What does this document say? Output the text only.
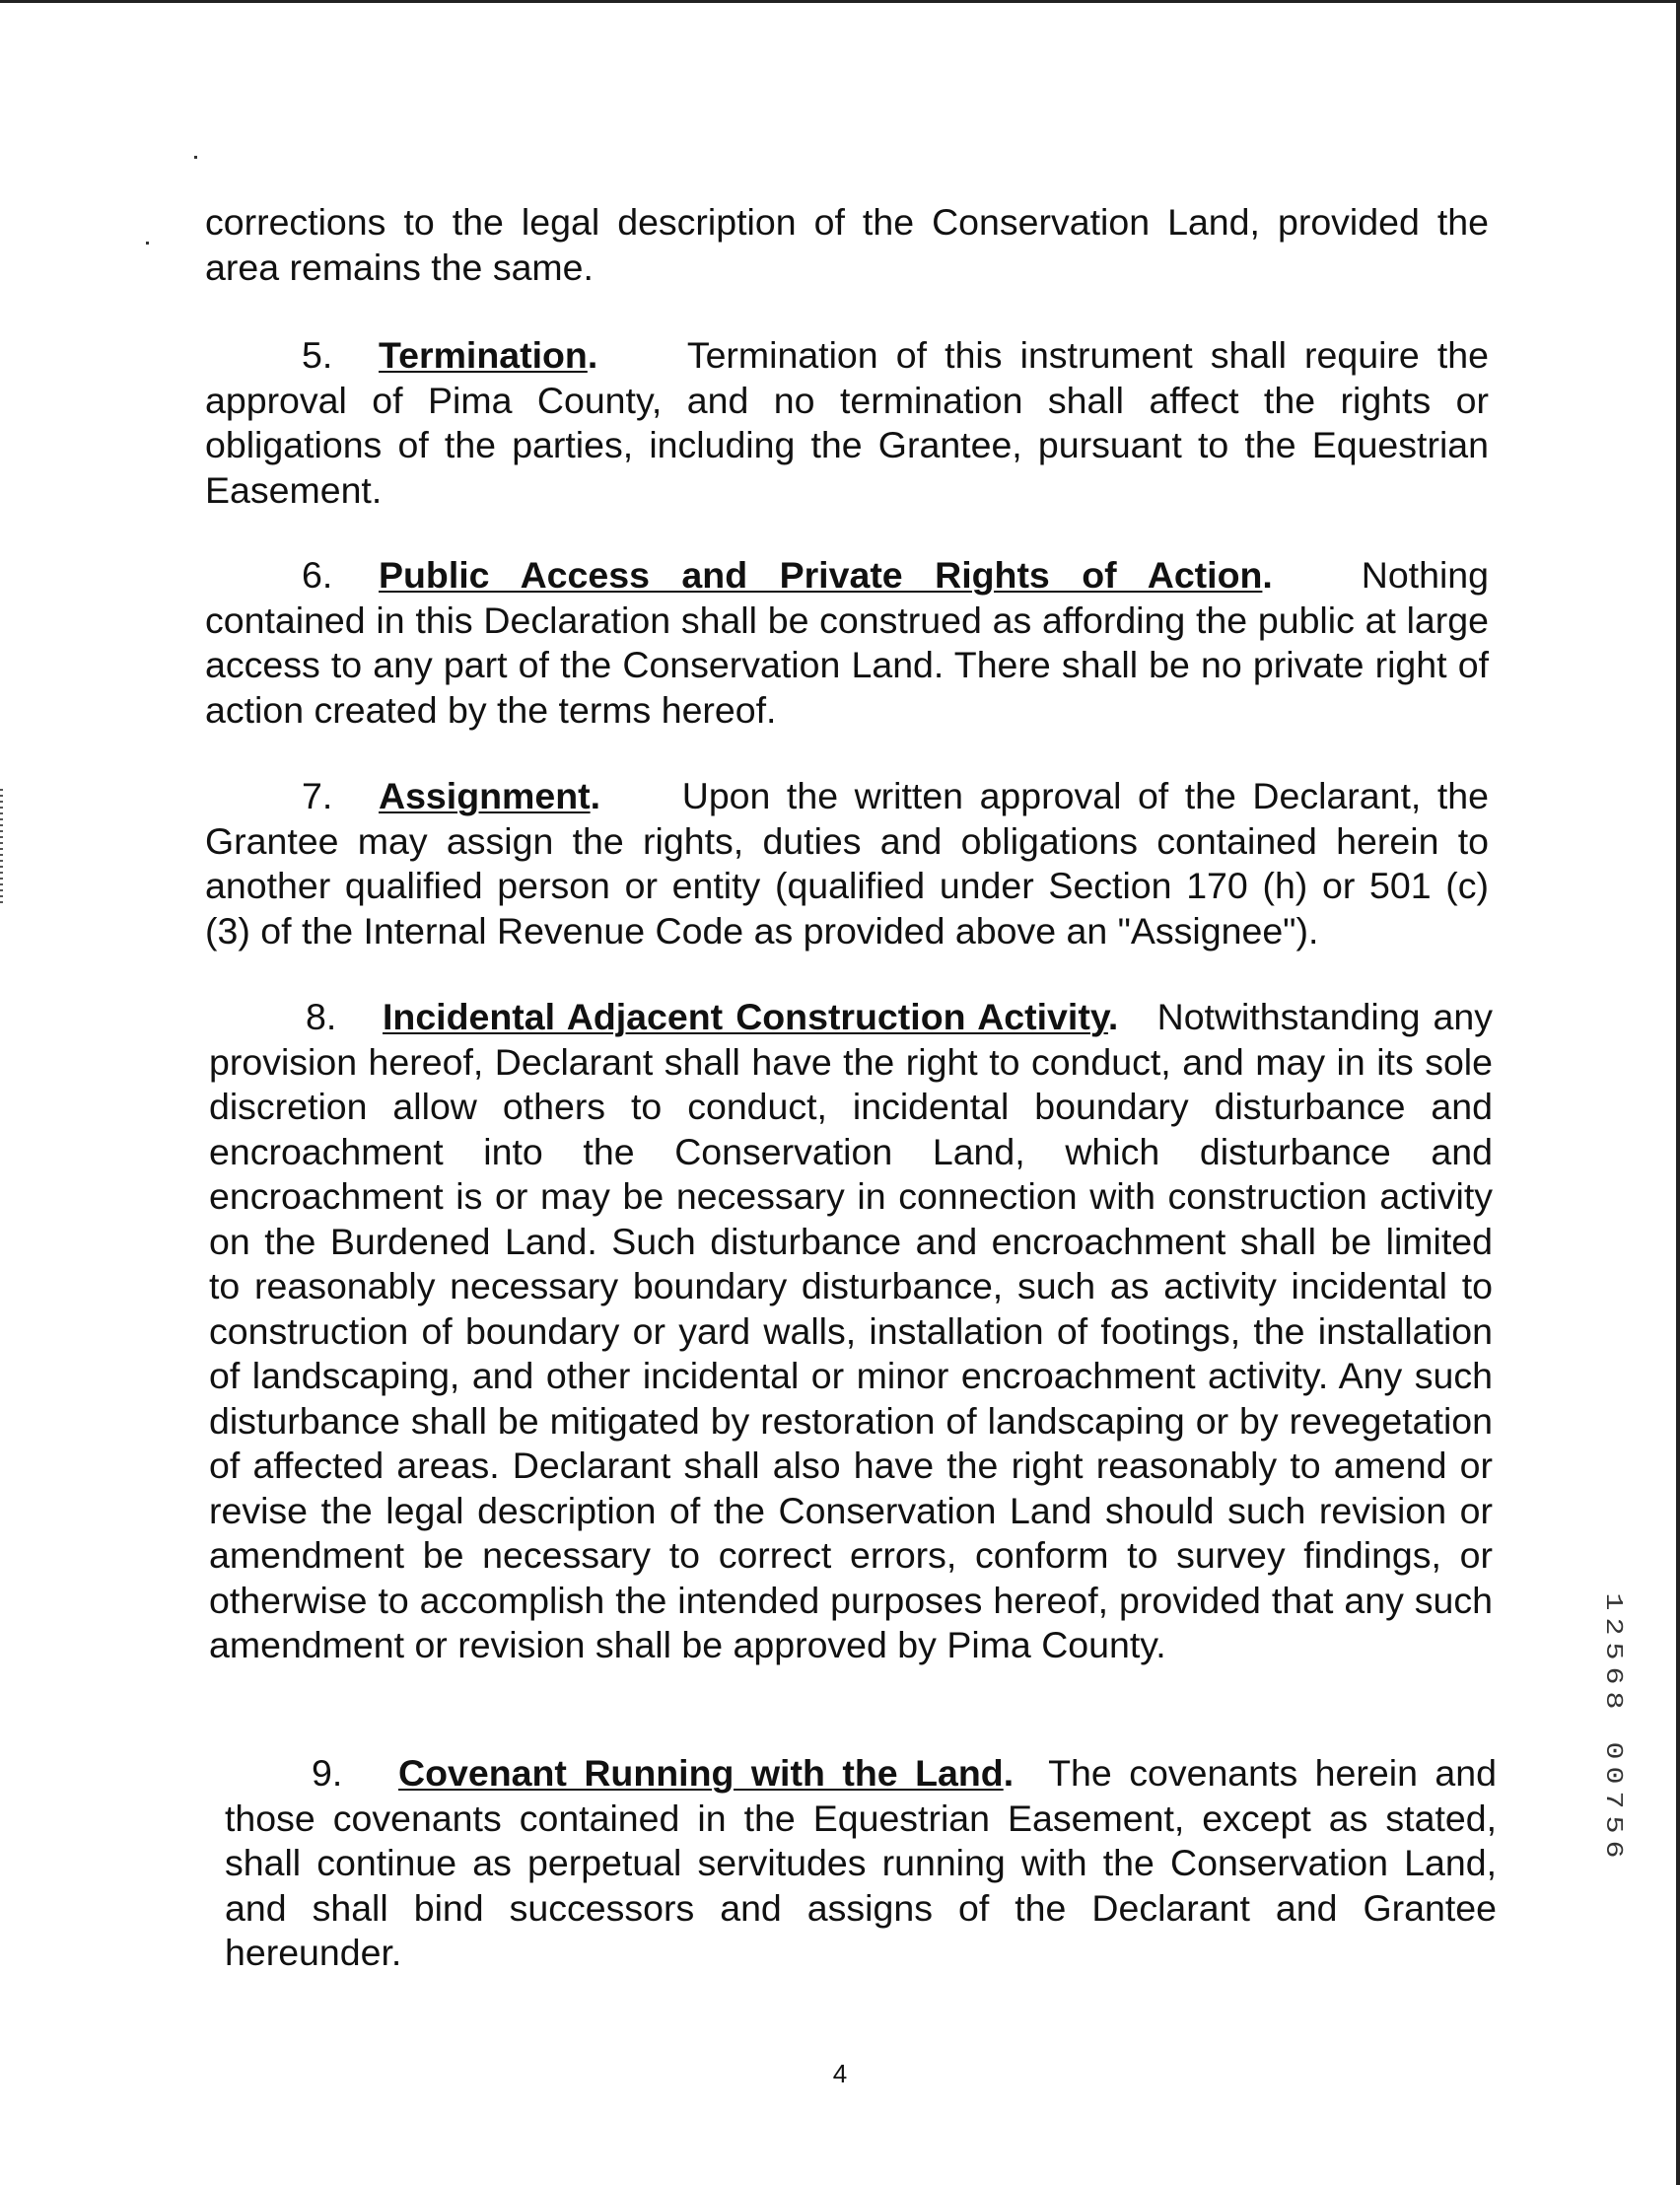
corrections to the legal description of the Conservation Land, provided the area remains the same.

5. Termination. Termination of this instrument shall require the approval of Pima County, and no termination shall affect the rights or obligations of the parties, including the Grantee, pursuant to the Equestrian Easement.

6. Public Access and Private Rights of Action. Nothing contained in this Declaration shall be construed as affording the public at large access to any part of the Conservation Land. There shall be no private right of action created by the terms hereof.

7. Assignment. Upon the written approval of the Declarant, the Grantee may assign the rights, duties and obligations contained herein to another qualified person or entity (qualified under Section 170 (h) or 501 (c) (3) of the Internal Revenue Code as provided above an "Assignee").

8. Incidental Adjacent Construction Activity. Notwithstanding any provision hereof, Declarant shall have the right to conduct, and may in its sole discretion allow others to conduct, incidental boundary disturbance and encroachment into the Conservation Land, which disturbance and encroachment is or may be necessary in connection with construction activity on the Burdened Land. Such disturbance and encroachment shall be limited to reasonably necessary boundary disturbance, such as activity incidental to construction of boundary or yard walls, installation of footings, the installation of landscaping, and other incidental or minor encroachment activity. Any such disturbance shall be mitigated by restoration of landscaping or by revegetation of affected areas. Declarant shall also have the right reasonably to amend or revise the legal description of the Conservation Land should such revision or amendment be necessary to correct errors, conform to survey findings, or otherwise to accomplish the intended purposes hereof, provided that any such amendment or revision shall be approved by Pima County.

9. Covenant Running with the Land. The covenants herein and those covenants contained in the Equestrian Easement, except as stated, shall continue as perpetual servitudes running with the Conservation Land, and shall bind successors and assigns of the Declarant and Grantee hereunder.

4
1
2
5
6
8
0
0
7
5
6
